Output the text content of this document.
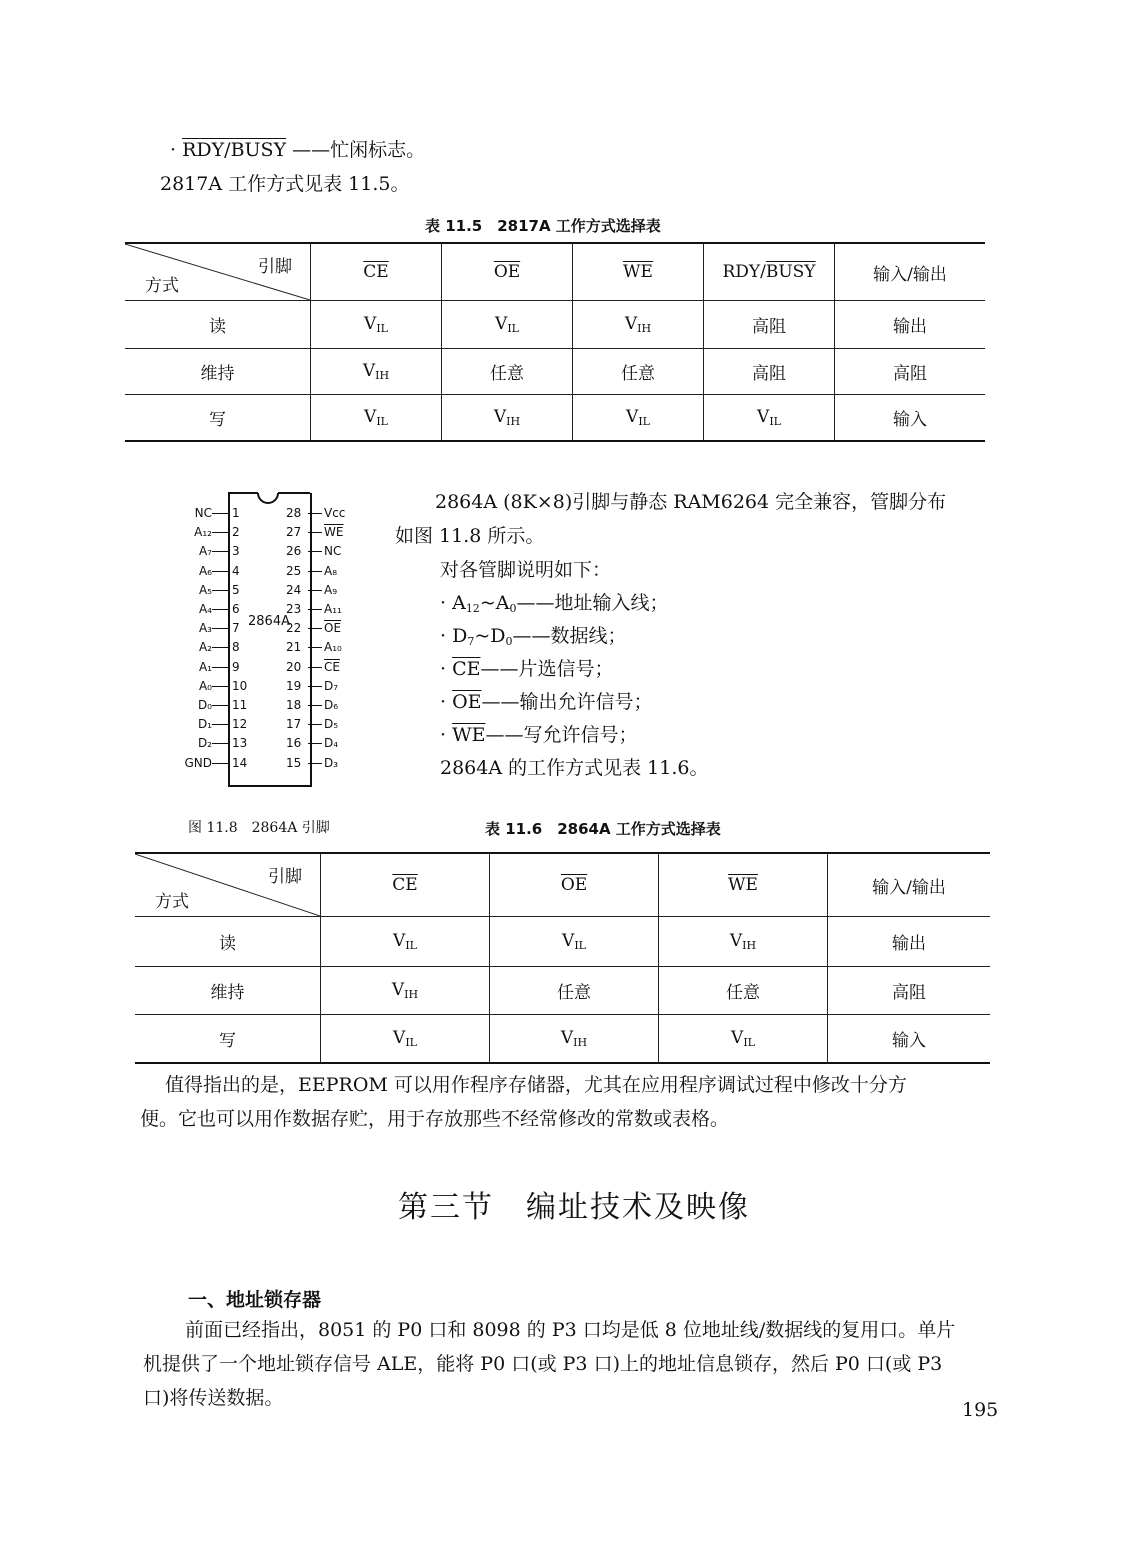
· RDY/BUSY ——忙闲标志。
2817A 工作方式见表 11.5。
表 11.5　2817A 工作方式选择表
引脚
方式	$\overline{CE}$	$\overline{OE}$	$\overline{WE}$	RDY/BUSY	输入/输出
读	$V_{IL}$	$V_{IL}$	$V_{IH}$	高阻	输出
维持	$V_{IH}$	任意	任意	高阻	高阻
写	$V_{IL}$	$V_{IH}$	$V_{IL}$	$V_{IL}$	输入
2864A
NC 1
A₁₂ 2
A₇ 3
A₆ 4
A₅ 5
A₄ 6
A₃ 7
A₂ 8
A₁ 9
A₀ 10
D₀ 11
D₁ 12
D₂ 13
GND 14
28 Vcc
27 $\overline{WE}$
26 NC
25 A₈
24 A₉
23 A₁₁
22 $\overline{OE}$
21 A₁₀
20 $\overline{CE}$
19 D₇
18 D₆
17 D₅
16 D₄
15 D₃
图 11.8　2864A 引脚
2864A (8K×8)引脚与静态 RAM6264 完全兼容，管脚分布
如图 11.8 所示。
对各管脚说明如下：
· $A_{12}\sim A_0——$地址输入线；
· $D_7\sim D_0——$数据线；
· $\overline{CE}——$片选信号；
· $\overline{OE}——$输出允许信号；
· $\overline{WE}——$写允许信号；
2864A 的工作方式见表 11.6。
表 11.6　2864A 工作方式选择表
引脚
方式	$\overline{CE}$	$\overline{OE}$	$\overline{WE}$	输入/输出
读	$V_{IL}$	$V_{IL}$	$V_{IH}$	输出
维持	$V_{IH}$	任意	任意	高阻
写	$V_{IL}$	$V_{IH}$	$V_{IL}$	输入
值得指出的是，EEPROM 可以用作程序存储器，尤其在应用程序调试过程中修改十分方
便。它也可以用作数据存贮，用于存放那些不经常修改的常数或表格。
第三节　编址技术及映像
一、地址锁存器
前面已经指出，8051 的 P0 口和 8098 的 P3 口均是低 8 位地址线/数据线的复用口。单片
机提供了一个地址锁存信号 ALE，能将 P0 口(或 P3 口)上的地址信息锁存，然后 P0 口(或 P3
口)将传送数据。
195
